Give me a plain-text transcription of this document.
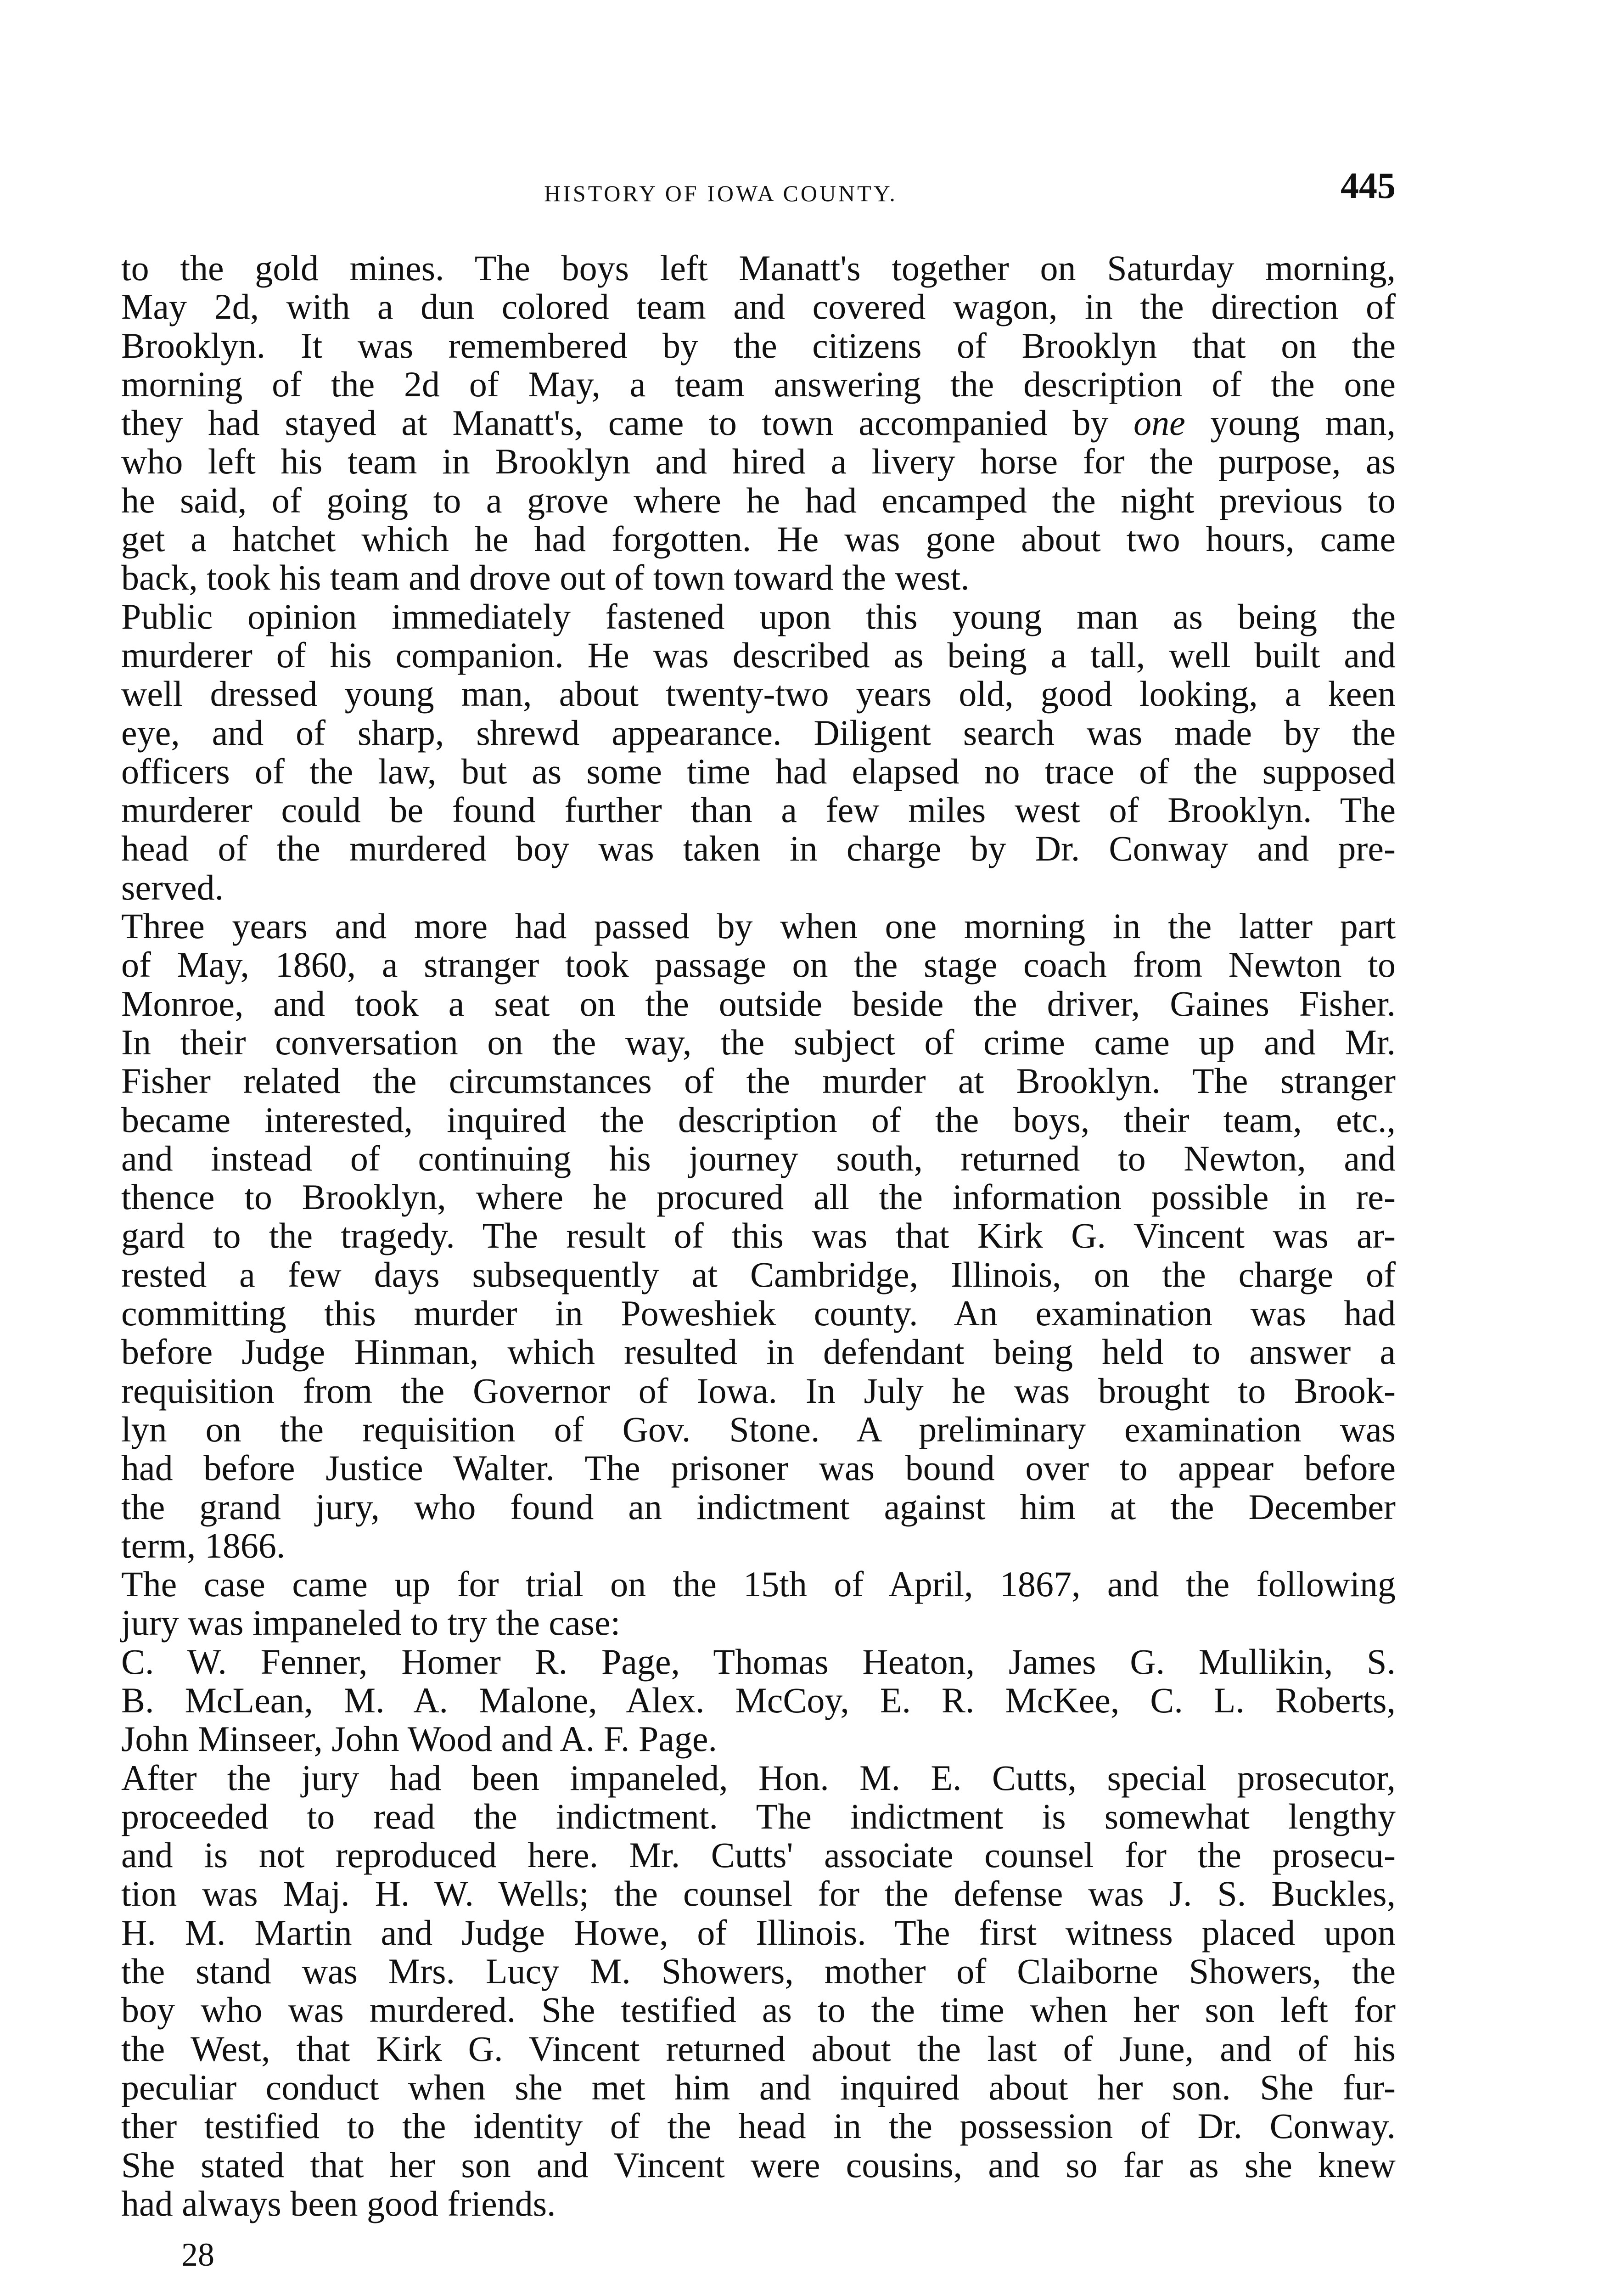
HISTORY OF IOWA COUNTY.	445
to the gold mines. The boys left Manatt's together on Saturday morning,
May 2d, with a dun colored team and covered wagon, in the direction of
Brooklyn. It was remembered by the citizens of Brooklyn that on the
morning of the 2d of May, a team answering the description of the one
they had stayed at Manatt's, came to town accompanied by one young man,
who left his team in Brooklyn and hired a livery horse for the purpose, as
he said, of going to a grove where he had encamped the night previous to
get a hatchet which he had forgotten. He was gone about two hours, came
back, took his team and drove out of town toward the west.
Public opinion immediately fastened upon this young man as being the
murderer of his companion. He was described as being a tall, well built and
well dressed young man, about twenty-two years old, good looking, a keen
eye, and of sharp, shrewd appearance. Diligent search was made by the
officers of the law, but as some time had elapsed no trace of the supposed
murderer could be found further than a few miles west of Brooklyn. The
head of the murdered boy was taken in charge by Dr. Conway and pre-
served.
Three years and more had passed by when one morning in the latter part
of May, 1860, a stranger took passage on the stage coach from Newton to
Monroe, and took a seat on the outside beside the driver, Gaines Fisher.
In their conversation on the way, the subject of crime came up and Mr.
Fisher related the circumstances of the murder at Brooklyn. The stranger
became interested, inquired the description of the boys, their team, etc.,
and instead of continuing his journey south, returned to Newton, and
thence to Brooklyn, where he procured all the information possible in re-
gard to the tragedy. The result of this was that Kirk G. Vincent was ar-
rested a few days subsequently at Cambridge, Illinois, on the charge of
committing this murder in Poweshiek county. An examination was had
before Judge Hinman, which resulted in defendant being held to answer a
requisition from the Governor of Iowa. In July he was brought to Brook-
lyn on the requisition of Gov. Stone. A preliminary examination was
had before Justice Walter. The prisoner was bound over to appear before
the grand jury, who found an indictment against him at the December
term, 1866.
The case came up for trial on the 15th of April, 1867, and the following
jury was impaneled to try the case:
C. W. Fenner, Homer R. Page, Thomas Heaton, James G. Mullikin, S.
B. McLean, M. A. Malone, Alex. McCoy, E. R. McKee, C. L. Roberts,
John Minseer, John Wood and A. F. Page.
After the jury had been impaneled, Hon. M. E. Cutts, special prosecutor,
proceeded to read the indictment. The indictment is somewhat lengthy
and is not reproduced here. Mr. Cutts' associate counsel for the prosecu-
tion was Maj. H. W. Wells; the counsel for the defense was J. S. Buckles,
H. M. Martin and Judge Howe, of Illinois. The first witness placed upon
the stand was Mrs. Lucy M. Showers, mother of Claiborne Showers, the
boy who was murdered. She testified as to the time when her son left for
the West, that Kirk G. Vincent returned about the last of June, and of his
peculiar conduct when she met him and inquired about her son. She fur-
ther testified to the identity of the head in the possession of Dr. Conway.
She stated that her son and Vincent were cousins, and so far as she knew
had always been good friends.
28
